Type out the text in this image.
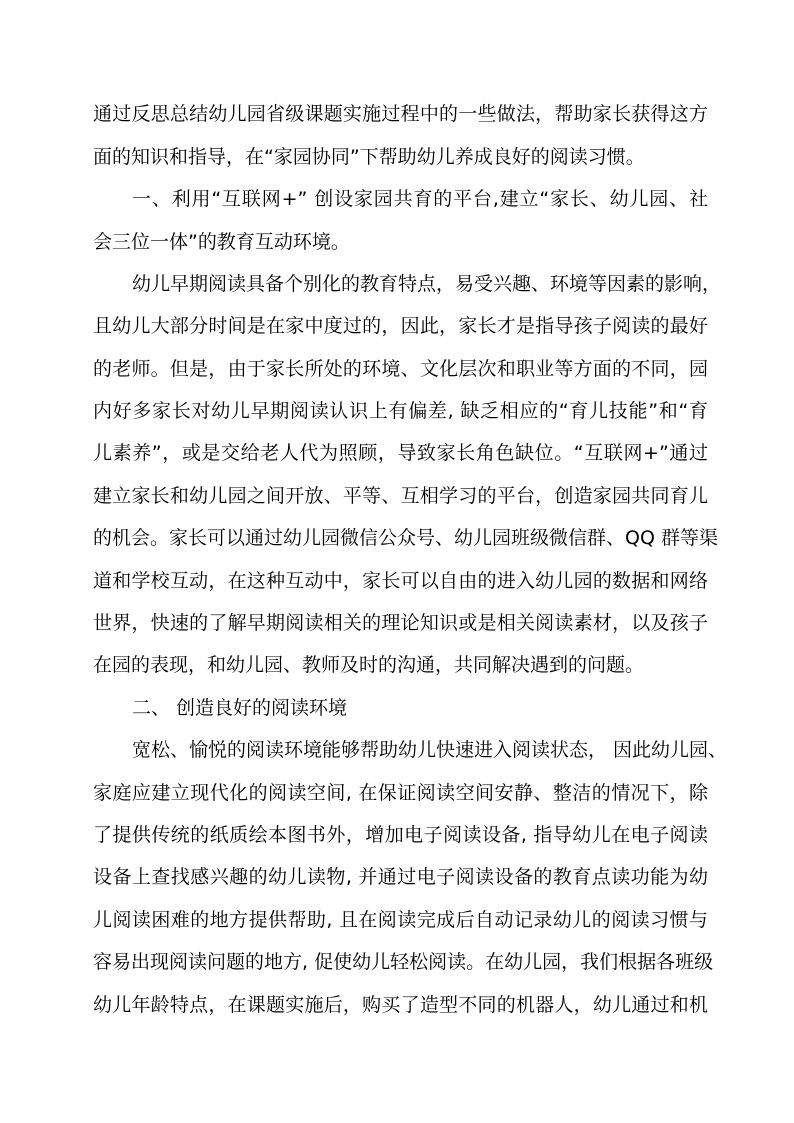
通过反思总结幼儿园省级课题实施过程中的一些做法，帮助家长获得这方
面的知识和指导，在“家园协同”下帮助幼儿养成良好的阅读习惯。
一、利用“互联网+” 创设家园共育的平台,建立“家长、幼儿园、社
会三位一体”的教育互动环境。
幼儿早期阅读具备个别化的教育特点，易受兴趣、环境等因素的影响，
且幼儿大部分时间是在家中度过的，因此，家长才是指导孩子阅读的最好
的老师。但是，由于家长所处的环境、文化层次和职业等方面的不同，园
内好多家长对幼儿早期阅读认识上有偏差, 缺乏相应的“育儿技能”和“育
儿素养”，或是交给老人代为照顾，导致家长角色缺位。“互联网+”通过
建立家长和幼儿园之间开放、平等、互相学习的平台，创造家园共同育儿
的机会。家长可以通过幼儿园微信公众号、幼儿园班级微信群、QQ 群等渠
道和学校互动，在这种互动中，家长可以自由的进入幼儿园的数据和网络
世界，快速的了解早期阅读相关的理论知识或是相关阅读素材，以及孩子
在园的表现，和幼儿园、教师及时的沟通，共同解决遇到的问题。
二、 创造良好的阅读环境
宽松、愉悦的阅读环境能够帮助幼儿快速进入阅读状态， 因此幼儿园、
家庭应建立现代化的阅读空间, 在保证阅读空间安静、整洁的情况下，除
了提供传统的纸质绘本图书外，增加电子阅读设备, 指导幼儿在电子阅读
设备上查找感兴趣的幼儿读物, 并通过电子阅读设备的教育点读功能为幼
儿阅读困难的地方提供帮助, 且在阅读完成后自动记录幼儿的阅读习惯与
容易出现阅读问题的地方, 促使幼儿轻松阅读。在幼儿园，我们根据各班级
幼儿年龄特点，在课题实施后，购买了造型不同的机器人，幼儿通过和机
